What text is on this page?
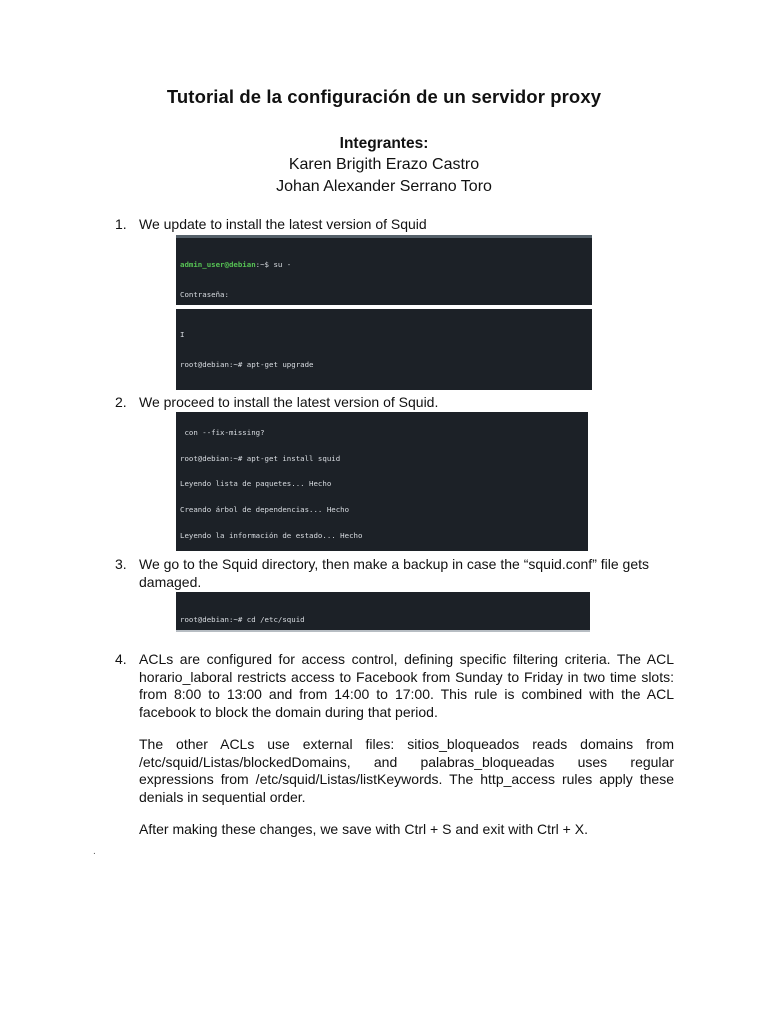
Tutorial de la configuración de un servidor proxy
Integrantes:
Karen Brigith Erazo Castro
Johan Alexander Serrano Toro
1. We update to install the latest version of Squid

admin_user@debian:~$ su -

Contraseña:

I

root@debian:~# apt-get upgrade

2. We proceed to install the latest version of Squid.

con --fix-missing?

root@debian:~# apt-get install squid

Leyendo lista de paquetes... Hecho

Creando árbol de dependencias... Hecho

Leyendo la información de estado... Hecho

3. We go to the Squid directory, then make a backup in case the “squid.conf” file gets damaged.

root@debian:~# cd /etc/squid

4. ACLs are configured for access control, defining specific filtering criteria. The ACL horario_laboral restricts access to Facebook from Sunday to Friday in two time slots: from 8:00 to 13:00 and from 14:00 to 17:00. This rule is combined with the ACL facebook to block the domain during that period.
The other ACLs use external files: sitios_bloqueados reads domains from /etc/squid/Listas/blockedDomains, and palabras_bloqueadas uses regular expressions from /etc/squid/Listas/listKeywords. The http_access rules apply these denials in sequential order.
After making these changes, we save with Ctrl + S and exit with Ctrl + X.
.
